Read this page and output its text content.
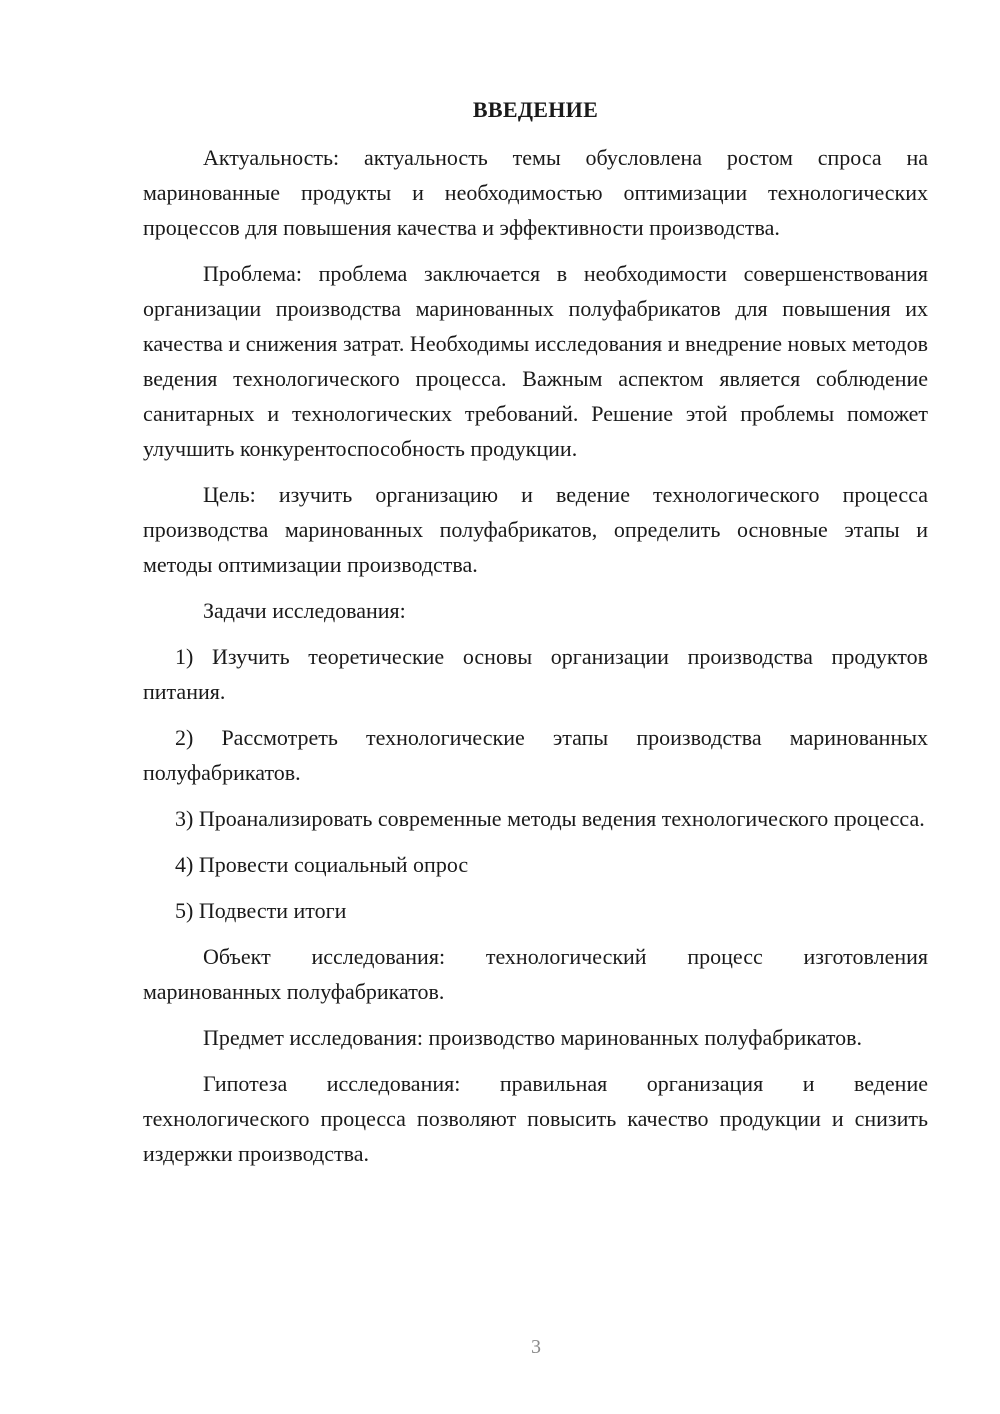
ВВЕДЕНИЕ

Актуальность: актуальность темы обусловлена ростом спроса на маринованные продукты и необходимостью оптимизации технологических процессов для повышения качества и эффективности производства.

Проблема: проблема заключается в необходимости совершенствования организации производства маринованных полуфабрикатов для повышения их качества и снижения затрат. Необходимы исследования и внедрение новых методов ведения технологического процесса. Важным аспектом является соблюдение санитарных и технологических требований. Решение этой проблемы поможет улучшить конкурентоспособность продукции.

Цель: изучить организацию и ведение технологического процесса производства маринованных полуфабрикатов, определить основные этапы и методы оптимизации производства.

Задачи исследования:

1) Изучить теоретические основы организации производства продуктов питания.

2) Рассмотреть технологические этапы производства маринованных полуфабрикатов.

3) Проанализировать современные методы ведения технологического процесса.

4) Провести социальный опрос

5) Подвести итоги

Объект исследования: технологический процесс изготовления маринованных полуфабрикатов.

Предмет исследования: производство маринованных полуфабрикатов.

Гипотеза исследования: правильная организация и ведение технологического процесса позволяют повысить качество продукции и снизить издержки производства.

3
